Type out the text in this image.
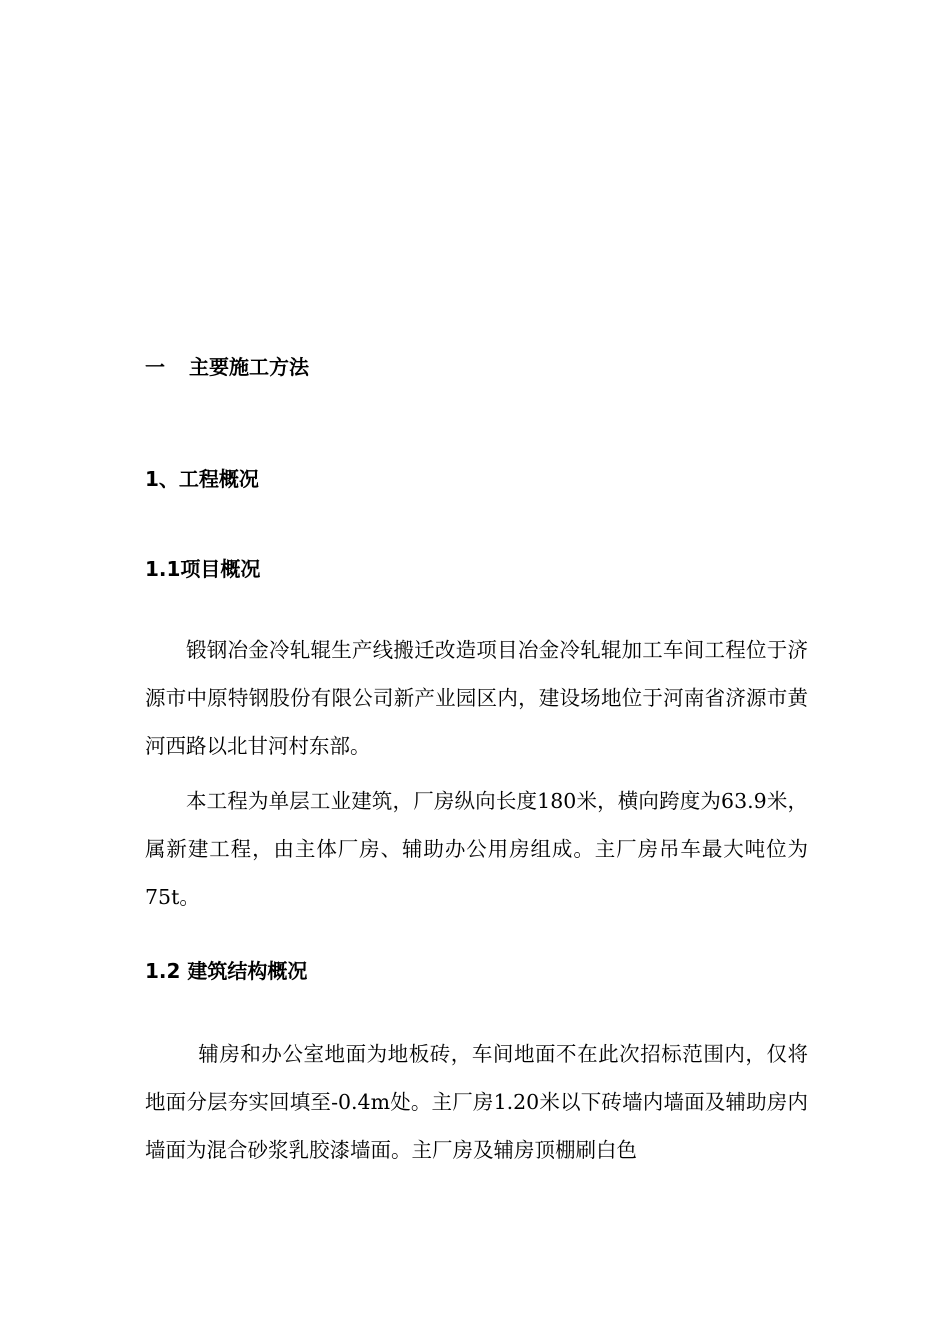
一 主要施工方法
1、工程概况
1.1项目概况

锻钢冶金冷轧辊生产线搬迁改造项目冶金冷轧辊加工车间工程位于济源市中原特钢股份有限公司新产业园区内，建设场地位于河南省济源市黄河西路以北甘河村东部。

本工程为单层工业建筑，厂房纵向长度180米，横向跨度为63.9米，属新建工程，由主体厂房、辅助办公用房组成。主厂房吊车最大吨位为75t。

1.2 建筑结构概况

辅房和办公室地面为地板砖，车间地面不在此次招标范围内，仅将地面分层夯实回填至-0.4m处。主厂房1.20米以下砖墙内墙面及辅助房内墙面为混合砂浆乳胶漆墙面。主厂房及辅房顶棚刷白色
